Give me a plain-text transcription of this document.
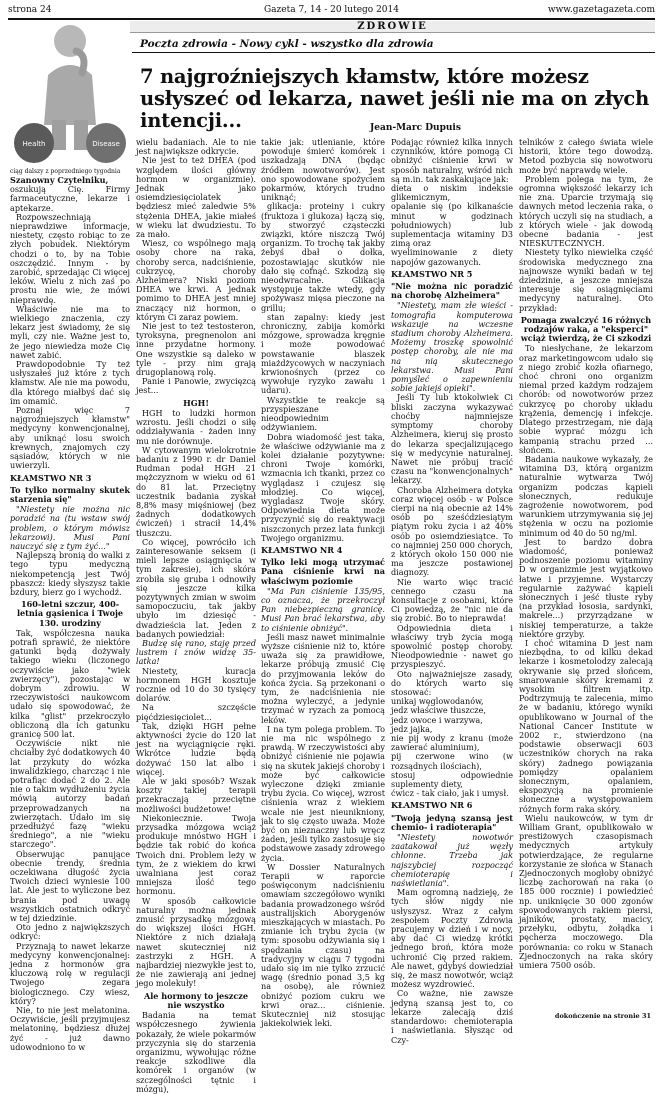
strona 24	Gazeta 7, 14 - 20 lutego 2014	www.gazetagazeta.com
ZDROWIE
Poczta zdrowia - Nowy cykl - wszystko dla zdrowia
Health	Disease
ciąg dalszy z poprzedniego tygodnia
7 najgroźniejszych kłamstw, które możesz usłyszeć od lekarza, nawet jeśli nie ma on złych intencji...	Jean-Marc Dupuis

Szanowny Czytelniku,

oszukują Cię. Firmy farmaceutyczne, lekarze i aptekarze.

Rozpowszechniają nieprawdziwe informacje, niestety, często robiąc to ze złych pobudek. Niektórym chodzi o to, by na Tobie oszczędzić. Innym - by zarobić, sprzedając Ci więcej leków. Wielu z nich zaś po prostu nie wie, że mówi nieprawdę.

Właściwie nie ma to wielkiego znaczenia, czy lekarz jest świadomy, że się myli, czy nie. Ważne jest to, że jego niewiedza może Cię nawet zabić.

Prawdopodobnie Ty też usłyszałeś już które z tych kłamstw. Ale nie ma powodu, dla którego miałbyś dać się im omamić.

Poznaj więc 7 najgroźniejszych kłamstw" medycyny konwencjonalnej, aby uniknąć losu swoich krewnych, znajomych czy sąsiadów, których w nie uwierzyli.

KŁAMSTWO NR 3
To tylko normalny skutek starzenia się"

"Niestety nie można nic poradzić na (tu wstaw swój problem, o którym mówisz lekarzowi). Musi Pani nauczyć się z tym żyć..."

Najlepszą bronią do walki z tego typu medyczną niekompetencją jest Twój pbaszcz: kiedy słyszysz takie bzdury, bierz go i wychodź.

160-letni szczur, 400-letnia gąsienica i Twoje 130. urodziny

Tak, współczesna nauka potrafi sprawić, że niektóre gatunki będą dożywały takiego wieku (liczonego oczywiście jako "wiek zwierzęcy"), pozostając w dobrym zdrowiu. W rzeczywistości naukowcom udało się spowodować, że kilka "glist" przekroczyło obliczoną dla ich gatunku granicę 500 lat.

Oczywiście nikt nie chciałby żyć dodatkowych 40 lat przykuty do wózka inwalidzkiego, charcząc i nie potrafiąc dodać 2 do 2. Ale nie o takim wydłużeniu życia mówią autorzy badań przeprowadzanych na zwierzętach. Udało im się przedłużyć fazę "wieku średniego", a nie "wieku starczego".

Obserwując panujące obecnie trendy, średnia oczekiwana długość życia Twoich dzieci wyniesie 100 lat. Ale jest to wyliczone bez brania pod uwagę wszystkich ostatnich odkryć w tej dziedzinie.

Oto jedno z najwiękzszych odkryć:

Przyznają to nawet lekarze medycyny konwencjonalnej: jedna z hormonów gra kluczową rolę w regulacji Twojego zegara biologicznego. Czy wiesz, który?

Nie, to nie jest melatonina. Oczywiście, jeśli przyjmujesz melatoninę, będziesz dłużej żyć - już dawno udowodniono to w

wielu badaniach. Ale to nie jest największe odkrycie.

Nie jest to też DHEA (pod względem ilości główny hormon w organizmie). Jednak jako osiemdziesięciolatek będziesz mieć zaledwie 5% stężenia DHEA, jakie miałeś w wieku lat dwudziestu. To za mało.

Wiesz, co wspólnego mają osoby chore na raka, choroby serca, nadciśnienie, cukrzycę, choroby Alzheimera? Niski poziom DHEA we krwi. A jednak pomimo to DHEA jest mniej znaczący niż hormon, o którym Ci zaraz powiem.

Nie jest to też testosteron, tyroksyna, pregnenolon ani inne przydatne hormony. One wszystkie są daleko w tyle - przy nim grają drugoplanową rolę.

Panie i Panowie, zwycięzcą jest...

HGH!

HGH to ludzki hormon wzrostu. Jeśli chodzi o siłę oddziaływania - żaden inny mu nie dorównuje.

W cytowanym wielokrotnie badaniu z 1990 r. dr Daniel Rudman podał HGH 21 mężczyznom w wieku od 61 do 81 lat. Przeciętny uczestnik badania zyskał 8,8% masy mięśniowej (bez żadnych dodatkowych ćwiczeń) i stracił 14,4% tłuszczu.

Co więcej, powróciło ich zainteresowanie seksem (i mieli lepsze osiągnięcia w tym zakresie), ich skóra zrobiła się gruba i odnowiły się jeszcze kilka pozytywnych zmian w swoim samopoczuciu, tak jakby ubyło im dziesięć - dwadzieścia lat. Jeden z badanych powiedział:

Budzę się rano, staję przed lustrem i znów widzę 35-latka!

Niestety, kuracja hormonem HGH kosztuje rocznie od 10 do 30 tysięcy dolarów.

Na szczęście pięćdziesięciolet...

Tak, dzięki HGH pełne aktywności życie do 120 lat jest na wyciągnięcie ręki. Wkrótce ludzie będą dożywać 150 lat albo i więcej.

Ale w jaki sposób? Wszak koszty takiej terapii przekraczają przeciętne możliwości budżetowe!

Niekoniecznie. Twoja przysadka mózgowa wciąż produkuje mnóstwo HGH i będzie tak robić do końca Twoich dni. Problem leży w tym, że z wiekiem do krwi uwalniana jest coraz mniejsza ilość tego hormonu.

W sposób całkowicie naturalny można jednak zmusić przysadkę mózgową do większej ilości HGH. Niektóre z nich działają nawet skuteczniej niż zastrzyki z HGH. A najbardziej niezwykłe jest to, że nie zawierają ani jednej jego molekuły!

Ale hormony to jeszcze nie wszystko

Badania na temat współczesnego żywienia pokazały, że wiele pokarmów przyczynia się do starzenia organizmu, wywołując różne reakcje szkodliwe dla komórek i organów (w szczególności tętnic i mózgu),

takie jak: utlenianie, które powoduje śmierć komórek i uszkadzają DNA (będąc źródłem nowotworów). Jest ono spowodowane spożyciem pokarmów, których trudno uniknąć;

glikacja: proteiny i cukry (fruktoza i glukoza) łączą się, by stworzyć cząsteczki związki, które niszczą Twój organizm. To trochę tak jakby żebyś dbał o dołka, pozostawiając skutków nie dało się cofnąć. Szkodzą się nieodwracalne. Glikacja występuje także wtedy, gdy spożywasz mięsa pieczone na grillu;

stan zapalny: kiedy jest chroniczny, zabija komórki mózgowe, sprowadza kręgnie i może powodować powstawanie blaszek miażdżycowych w naczyniach krwionośnych (przez co wywołuje ryzyko zawału i udaru).

Wszystkie te reakcje są przyspieszane nieodpowiednim odżywianiem.

Dobra wiadomość jest taka, że właściwe odżywianie ma z kolei działanie pozytywne: chroni Twoje komórki, wzmacnia ich tkanki, przez co wyglądasz i czujesz się młodziej. Co więcej, wygladasz Twoje skóry. Odpowiednia dieta może przyczynić się do reaktywacji niszczonych przez lata funkcji Twojego organizmu.

KŁAMSTWO NR 4
Tylko leki mogą utrzymać Pana ciśnienie krwi na właściwym poziomie

"Ma Pan ciśnienie 135/95, co oznacza, że przekroczył Pan niebezpieczną granicę. Musi Pan brać lekarstwa, aby to ciśnienie obniżyć".

Jeśli masz nawet minimalnie wyższe ciśnienie niż to, które uważa się za prawidłowe, lekarze próbują zmusić Cię do przyjmowania leków do końca życia. Są przekonani o tym, że nadciśnienia nie można wyleczyć, a jedynie trzymać w ryzach za pomocą leków.

I na tym polega problem. To nie ma nic wspólnego z prawdą. W rzeczywistości aby obniżyć ciśnienie nie pojawia się na skutek jakiejś choroby i może być całkowicie wyleczone dzięki zmianie trybu życia. Co więcej, wzrost ciśnienia wraz z wiekiem wcale nie jest nieunikniony, jak to się często uważa. Może być on nieznaczny lub wręcz żaden, jeśli tylko zastosuje się podstawowe zasady zdrowego życia.

W Dossier Naturalnych Terapii w raporcie poświęconym nadciśnieniu omawiam szczegółowo wyniki badania prowadzonego wśród australijskich Aborygenów mieszkających w miastach. Po zmianie ich trybu życia (w tym: sposobu odżywiania się i spędzania czasu) na tradycyjny w ciągu 7 tygodni udało się im nie tylko zrzucić wagę (średnio ponad 3,5 kg na osobę), ale również obniżyć poziom cukru we krwi oraz... ciśnienie. Skuteczniej niż stosując jakiekolwiek leki.

Podając również kilka innych czynników, które pomogą Ci obniżyć ciśnienie krwi w sposób naturalny, wśród nich są m.in. tak zaskakujące jak:

dieta o niskim indeksie glikemicznym,

opalanie się (po kilkanaście minut w godzinach południowych) lub suplementacja witaminy D3 zimą oraz

wyeliminowanie z diety napojów gazowanych.

KŁAMSTWO NR 5
"Nie można nic poradzić na chorobę Alzheimera"

"Niestety, mam złe wieści - tomografia komputerowa wskazuje na wczesne stadium choroby Alzheimera. Możemy troszkę spowolnić postęp choroby, ale nie ma na nią skutecznego lekarstwa. Musi Pani pomyśleć o zapewnieniu sobie jakiejś opieki".

Jeśli Ty lub ktokolwiek Ci bliski zaczyna wykazywać choćby najmniejsze symptomy choroby Alzheimera, kieruj się prosto do lekarza specjalizującego się w medycynie naturalnej. Nawet nie próbuj tracić czasu na "konwencjonalnych" lekarzy.

Choroba Alzheimera dotyka coraz więcej osób - w Polsce cierpi na nią obecnie aż 14% osób po sześćdziesiątym piątym roku życia i aż 40% osób po osiemdziesiątce. To co najmniej 250 000 chorych, z których około 150 000 nie ma jeszcze postawionej diagnozy.

Nie warto więc tracić cennego czasu na konsultacje z osobami, które Ci powiedzą, że "nic nie da się zrobić. Bo to nieprawda!

Odpowiednia dieta i właściwy tryb życia mogą spowolnić postęp choroby. Nieodpowiednie - nawet go przyspieszyć.

Oto najważniejsze zasady, do których warto się stosować:

unikaj węglowodanów,

jedz właściwe tłuszcze,

jedz owoce i warzywa,

jedz jajka,

nie pij wody z kranu (może zawierać aluminium),

pij czerwone wino (w rozsądnych ilościach),

stosuj odpowiednie suplementy diety,

ćwicz - tak ciało, jak i umysł.

KŁAMSTWO NR 6
"Twoją jedyną szansą jest chemio- i radioterapia"

"Niestety nowotwór zaatakował już węzły chłonne. Trzeba jak najszybciej rozpocząć chemioterapię i naświetlania".

Mam ogromną nadzieję, że tych słów nigdy nie usłyszysz. Wraz z całym zespołem Poczty Zdrowia pracujemy w dzień i w nocy, aby dać Ci wiedzę krótki jednego broń, która może uchronić Cię przed rakiem. Ale nawet, gdybyś dowiedział się, że masz nowotwór, wciąż możesz wyzdrowieć.

Co ważne, nie zawsze jedyną szansą jest to, co lekarze zalecają dziś standardowo: chemioterapia i naświetlania. Słysząc od Czy-

telników z całego świata wiele historii, które tego dowodzą. Metod pozbycia się nowotworu może być naprawdę wiele.

Problem polega na tym, że ogromna większość lekarzy ich nie zna. Uparcie trzymają się dawnych metod leczenia raka, o których uczyli się na studiach, a z których wiele - jak dowodą obecne badania - jest NIESKUTECZNYCH.

Niestety tylko niewielka część środowiska medycznego zna najnowsze wyniki badań w tej dziedzinie, a jeszcze mniejsza interesuje się osiągnięciami medycyny naturalnej. Oto przykład:

Pomaga zwalczyć 16 różnych rodzajów raka, a "eksperci" wciąż twierdzą, że Ci szkodzi

To niesłychane, że lekarzom oraz marketingowcom udało się z niego zrobić kozła ofiarnego, choć chroni ono organizm niemal przed każdym rodzajem chorób: od nowotworów przez cukrzycę po choroby układu krążenia, demencję i infekcje. Dlatego przestrzegam, nie dają sobie wyprać mózgu ich kampanią strachu przed ... słońcem.

Badania naukowe wykazały, że witamina D3, którą organizm naturalnie wytwarza Twój organizm podczas kąpieli słonecznych, redukuje zagrożenie nowotworem, pod warunkiem utrzymywania się jej stężenia w oczu na poziomie minimum od 40 do 50 ng/ml.

Jest to bardzo dobra wiadomość, ponieważ podnoszenie poziomu witaminy D w organizmie jest wyjątkowo łatwe i przyjemne. Wystarczy regularnie zażywać kąpieli słonecznych i jeść tłuste ryby (na przykład łososia, sardynki, makrele...) przyrządzane w niskiej temperaturze, a także niektóre grzyby.

I choć witamina D jest nam niezbędna, to od kilku dekad lekarze i kosmetolodzy zalecają okrywanie się przed słońcem, smarowanie skóry kremami z wysokim filtrem itp. Podtrzymują te zalecenia, mimo że w badaniu, którego wyniki opublikowano w Journal of the National Cancer Institute w 2002 r., stwierdzono (na podstawie obserwacji 603 uczestników chorych na raka skóry) żadnego powiązania pomiędzy opalaniem słonecznym, opalaniem, ekspozycją na promienie słoneczne a występowaniem różnych form raka skóry.

Wielu naukowców, w tym dr William Grant, opublikowało w prestiżowych czasopismach medycznych artykuły potwierdzające, że regularne korzystanie ze słońca w Stanach Zjednoczonych mogłoby obniżyć liczbę zachorowań na raka (o 185 000 rocznie) i powiedzieć np. uniknięcie 30 000 zgonów spowodowanych rakiem piersi, jajników, prostaty, macicy, przełyku, odbytu, żołądka i pęcherza moczowego. Dla porównania: co roku w Stanach Zjednoczonych na raka skóry umiera 7500 osób.

dokończenie na stronie 31
